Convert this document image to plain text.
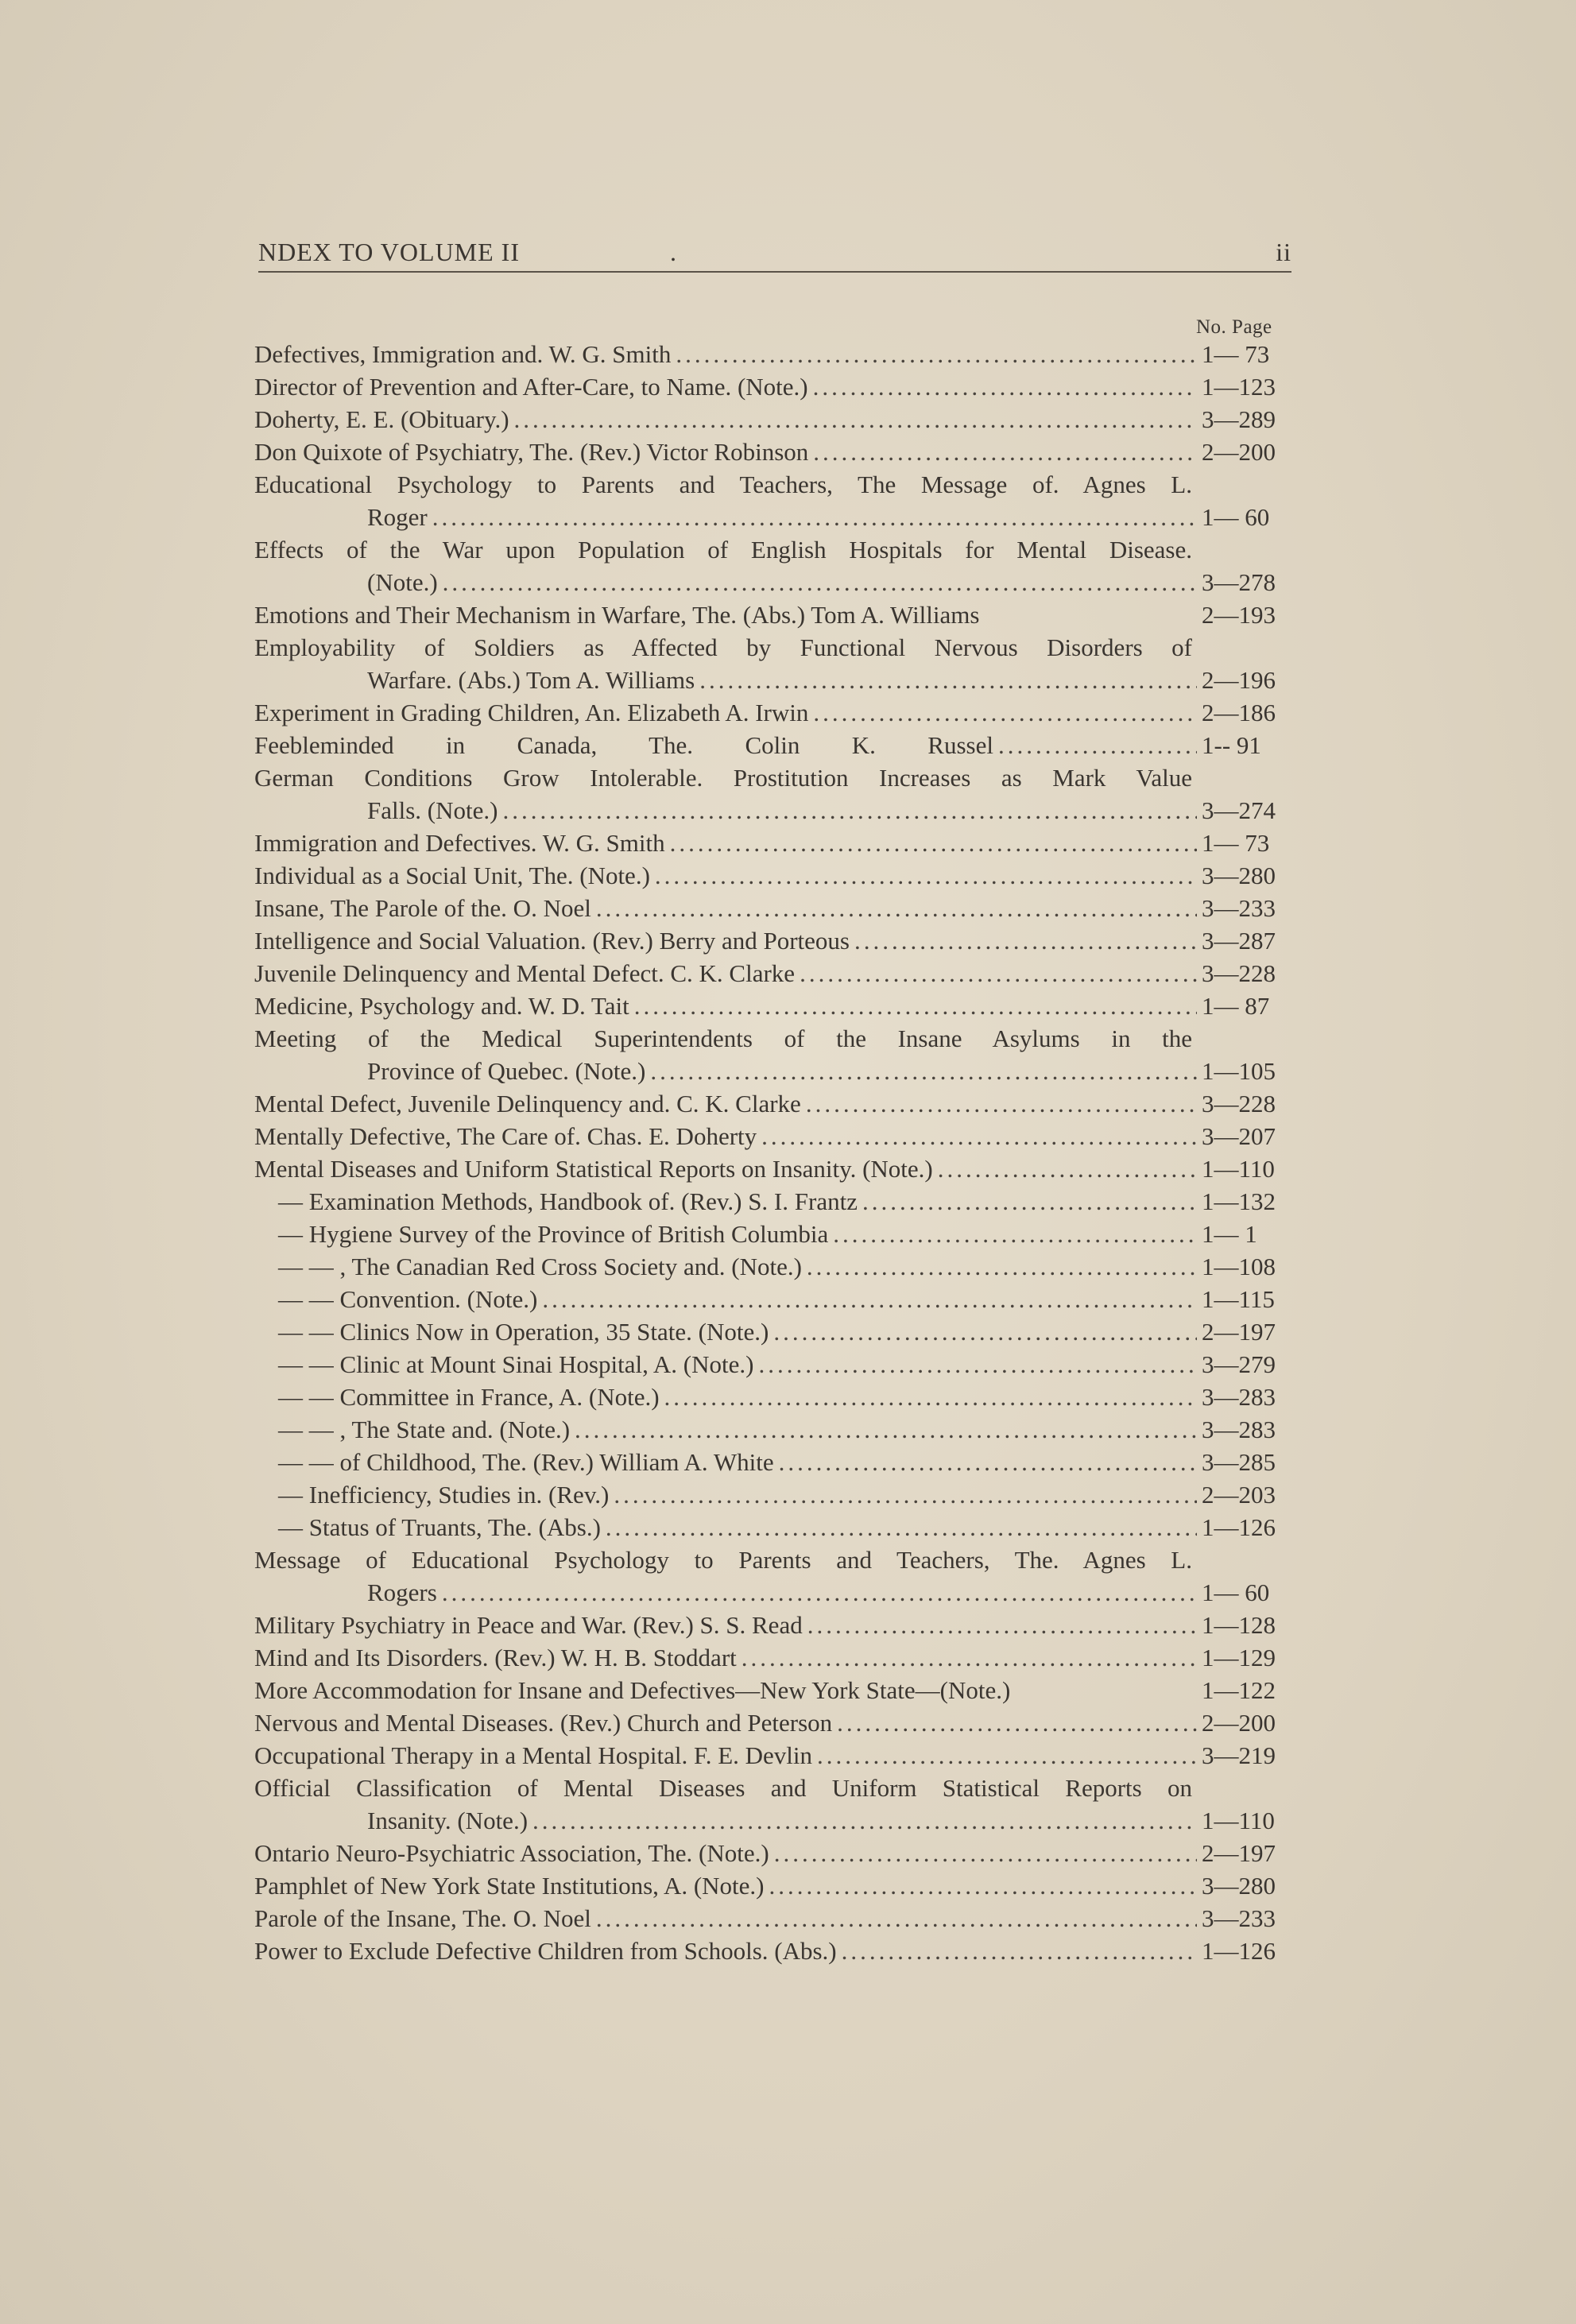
NDEX TO VOLUME II	.	ii
No. Page
Defectives, Immigration and. W. G. Smith .....	1— 73
Director of Prevention and After-Care, to Name. (Note.) .....	1—123
Doherty, E. E. (Obituary.) .....	3—289
Don Quixote of Psychiatry, The. (Rev.) Victor Robinson .....	2—200
Educational Psychology to Parents and Teachers, The Message of. Agnes L.
Roger .....	1— 60
Effects of the War upon Population of English Hospitals for Mental Disease.
(Note.) .....	3—278
Emotions and Their Mechanism in Warfare, The. (Abs.) Tom A. Williams	2—193
Employability of Soldiers as Affected by Functional Nervous Disorders of
Warfare. (Abs.) Tom A. Williams .....	2—196
Experiment in Grading Children, An. Elizabeth A. Irwin .....	2—186
Feebleminded in Canada, The. Colin K. Russel .....	1-- 91
German Conditions Grow Intolerable. Prostitution Increases as Mark Value
Falls. (Note.) .....	3—274
Immigration and Defectives. W. G. Smith .....	1— 73
Individual as a Social Unit, The. (Note.) .....	3—280
Insane, The Parole of the. O. Noel .....	3—233
Intelligence and Social Valuation. (Rev.) Berry and Porteous .....	3—287
Juvenile Delinquency and Mental Defect. C. K. Clarke .....	3—228
Medicine, Psychology and. W. D. Tait .....	1— 87
Meeting of the Medical Superintendents of the Insane Asylums in the
Province of Quebec. (Note.) .....	1—105
Mental Defect, Juvenile Delinquency and. C. K. Clarke .....	3—228
Mentally Defective, The Care of. Chas. E. Doherty .....	3—207
Mental Diseases and Uniform Statistical Reports on Insanity. (Note.) .....	1—110
— Examination Methods, Handbook of. (Rev.) S. I. Frantz .....	1—132
— Hygiene Survey of the Province of British Columbia .....	1— 1
— — , The Canadian Red Cross Society and. (Note.) .....	1—108
— — Convention. (Note.) .....	1—115
— — Clinics Now in Operation, 35 State. (Note.) .....	2—197
— — Clinic at Mount Sinai Hospital, A. (Note.) .....	3—279
— — Committee in France, A. (Note.) .....	3—283
— — , The State and. (Note.) .....	3—283
— — of Childhood, The. (Rev.) William A. White .....	3—285
— Inefficiency, Studies in. (Rev.) .....	2—203
— Status of Truants, The. (Abs.) .....	1—126
Message of Educational Psychology to Parents and Teachers, The. Agnes L.
Rogers .....	1— 60
Military Psychiatry in Peace and War. (Rev.) S. S. Read .....	1—128
Mind and Its Disorders. (Rev.) W. H. B. Stoddart .....	1—129
More Accommodation for Insane and Defectives—New York State—(Note.)	1—122
Nervous and Mental Diseases. (Rev.) Church and Peterson .....	2—200
Occupational Therapy in a Mental Hospital. F. E. Devlin .....	3—219
Official Classification of Mental Diseases and Uniform Statistical Reports on
Insanity. (Note.) .....	1—110
Ontario Neuro-Psychiatric Association, The. (Note.) .....	2—197
Pamphlet of New York State Institutions, A. (Note.) .....	3—280
Parole of the Insane, The. O. Noel .....	3—233
Power to Exclude Defective Children from Schools. (Abs.) .....	1—126
